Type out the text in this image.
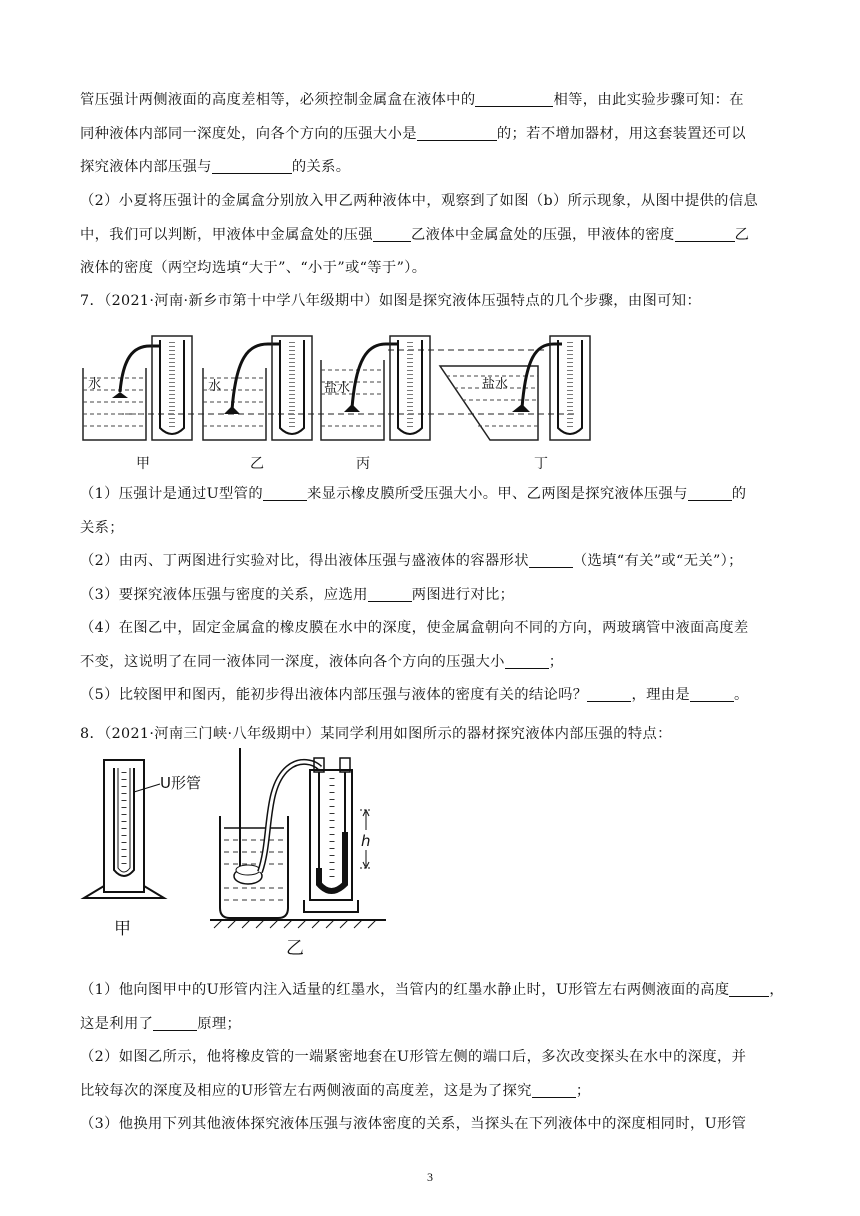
管压强计两侧液面的高度差相等，必须控制金属盒在液体中的	相等，由此实验步骤可知：在
同种液体内部同一深度处，向各个方向的压强大小是	的；若不增加器材，用这套装置还可以
探究液体内部压强与	的关系。
（2）小夏将压强计的金属盒分别放入甲乙两种液体中，观察到了如图（b）所示现象，从图中提供的信息
中，我们可以判断，甲液体中金属盒处的压强	乙液体中金属盒处的压强，甲液体的密度	乙
液体的密度（两空均选填“大于”、“小于”或“等于”）。
7．（2021·河南·新乡市第十中学八年级期中）如图是探究液体压强特点的几个步骤，由图可知：
水
甲
水
乙
盐水
丙
盐水
丁
（1）压强计是通过U型管的	来显示橡皮膜所受压强大小。甲、乙两图是探究液体压强与	的
关系；
（2）由丙、丁两图进行实验对比，得出液体压强与盛液体的容器形状	（选填“有关”或“无关”）；
（3）要探究液体压强与密度的关系，应选用	两图进行对比；
（4）在图乙中，固定金属盒的橡皮膜在水中的深度，使金属盒朝向不同的方向，两玻璃管中液面高度差
不变，这说明了在同一液体同一深度，液体向各个方向的压强大小	；
（5）比较图甲和图丙，能初步得出液体内部压强与液体的密度有关的结论吗？	，理由是	。
8．（2021·河南三门峡·八年级期中）某同学利用如图所示的器材探究液体内部压强的特点：
U形管
甲
h
乙
（1）他向图甲中的U形管内注入适量的红墨水，当管内的红墨水静止时，U形管左右两侧液面的高度	，
这是利用了	原理；
（2）如图乙所示，他将橡皮管的一端紧密地套在U形管左侧的端口后，多次改变探头在水中的深度，并
比较每次的深度及相应的U形管左右两侧液面的高度差，这是为了探究	；
（3）他换用下列其他液体探究液体压强与液体密度的关系，当探头在下列液体中的深度相同时，U形管
3
